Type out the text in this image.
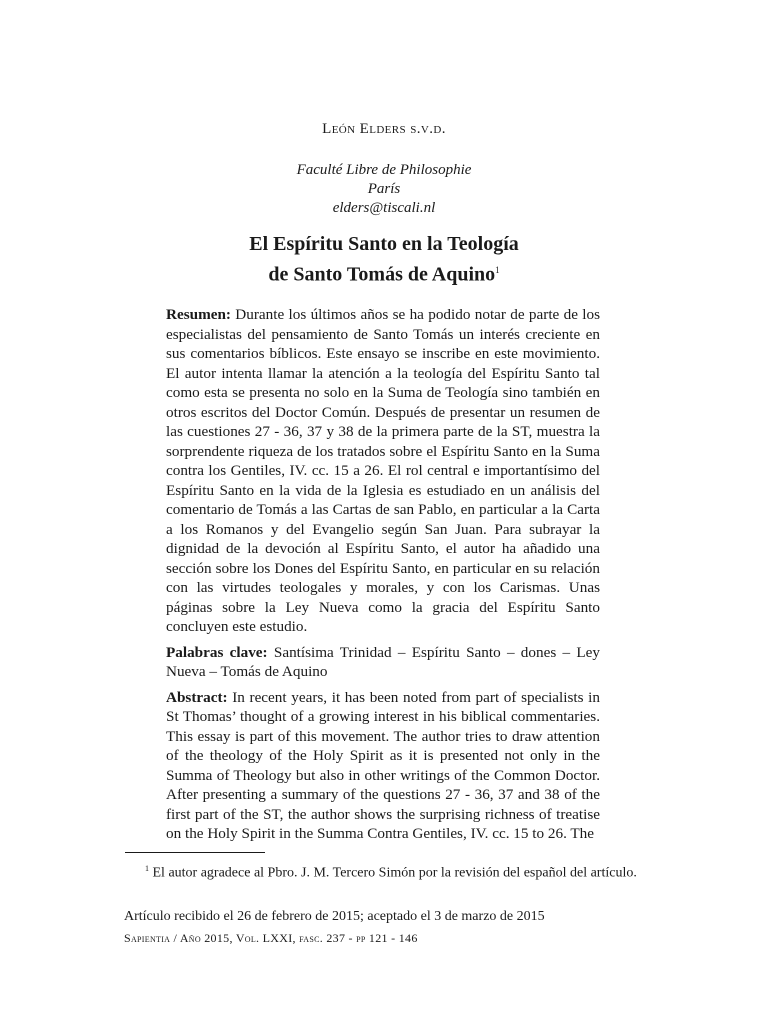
León Elders s.v.d.
Faculté Libre de Philosophie
París
elders@tiscali.nl
El Espíritu Santo en la Teología
de Santo Tomás de Aquino$^1$

Resumen: Durante los últimos años se ha podido notar de parte de los especialistas del pensamiento de Santo Tomás un interés creciente en sus comentarios bíblicos. Este ensayo se inscribe en este movimiento. El autor intenta llamar la atención a la teología del Espíritu Santo tal como esta se presenta no solo en la Suma de Teología sino también en otros escritos del Doctor Común. Después de presentar un resumen de las cuestiones 27 - 36, 37 y 38 de la primera parte de la ST, muestra la sorprendente riqueza de los tratados sobre el Espíritu Santo en la Suma contra los Gentiles, IV. cc. 15 a 26. El rol central e importantísimo del Espíritu Santo en la vida de la Iglesia es estudiado en un análisis del comentario de Tomás a las Cartas de san Pablo, en particular a la Carta a los Romanos y del Evangelio según San Juan. Para subrayar la dignidad de la devoción al Espíritu Santo, el autor ha añadido una sección sobre los Dones del Espíritu Santo, en particular en su relación con las virtudes teologales y morales, y con los Carismas. Unas páginas sobre la Ley Nueva como la gracia del Espíritu Santo concluyen este estudio.

Palabras clave: Santísima Trinidad – Espíritu Santo – dones – Ley Nueva – Tomás de Aquino

Abstract: In recent years, it has been noted from part of specialists in St Thomas’ thought of a growing interest in his biblical commentaries. This essay is part of this movement. The author tries to draw attention of the theology of the Holy Spirit as it is presented not only in the Summa of Theology but also in other writings of the Common Doctor. After presenting a summary of the questions 27 - 36, 37 and 38 of the first part of the ST, the author shows the surprising richness of treatise on the Holy Spirit in the Summa Contra Gentiles, IV. cc. 15 to 26. The

$^1$ El autor agradece al Pbro. J. M. Tercero Simón por la revisión del español del artículo.

Artículo recibido el 26 de febrero de 2015; aceptado el 3 de marzo de 2015
Sapientia / Año 2015, Vol. LXXI, fasc. 237 - pp 121 - 146
